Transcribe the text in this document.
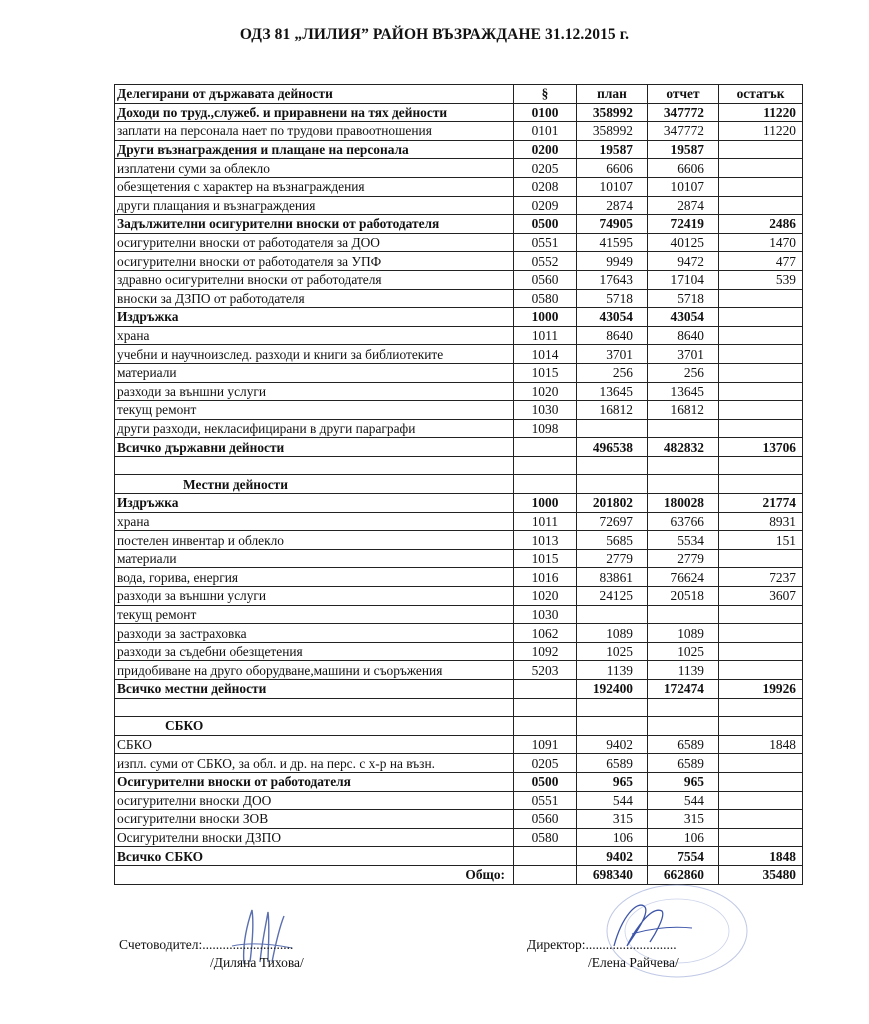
ОДЗ 81 „ЛИЛИЯ” РАЙОН ВЪЗРАЖДАНЕ 31.12.2015 г.
Делегирани от държавата дейности	§	план	отчет	остатък
Доходи по труд.,служеб. и приравнени на тях дейности	0100	358992	347772	11220
заплати на персонала нает по трудови правоотношения	0101	358992	347772	11220
Други възнаграждения и плащане на персонала	0200	19587	19587	
изплатени суми за облекло	0205	6606	6606	
обезщетения с характер на възнаграждения	0208	10107	10107	
други плащания и възнаграждения	0209	2874	2874	
Задължителни осигурителни вноски от работодателя	0500	74905	72419	2486
осигурителни вноски от работодателя за ДОО	0551	41595	40125	1470
осигурителни вноски от работодателя за УПФ	0552	9949	9472	477
здравно осигурителни вноски от работодателя	0560	17643	17104	539
вноски за ДЗПО от работодателя	0580	5718	5718	
Издръжка	1000	43054	43054	
храна	1011	8640	8640	
учебни и научноизслед. разходи и книги за библиотеките	1014	3701	3701	
материали	1015	256	256	
разходи за външни услуги	1020	13645	13645	
текущ ремонт	1030	16812	16812	
други разходи, некласифицирани в други параграфи	1098			
Всичко държавни дейности		496538	482832	13706

Местни дейности				
Издръжка	1000	201802	180028	21774
храна	1011	72697	63766	8931
постелен инвентар и облекло	1013	5685	5534	151
материали	1015	2779	2779	
вода, горива, енергия	1016	83861	76624	7237
разходи за външни услуги	1020	24125	20518	3607
текущ ремонт	1030			
разходи за застраховка	1062	1089	1089	
разходи за съдебни обезщетения	1092	1025	1025	
придобиване на друго оборудване,машини и съоръжения	5203	1139	1139	
Всичко местни дейности		192400	172474	19926

СБКО				
СБКО	1091	9402	6589	1848
изпл. суми от СБКО, за обл. и др. на перс. с х-р на възн.	0205	6589	6589	
Осигурителни вноски от работодателя	0500	965	965	
осигурителни вноски ДОО	0551	544	544	
осигурителни вноски ЗОВ	0560	315	315	
Осигурителни вноски ДЗПО	0580	106	106	
Всичко СБКО		9402	7554	1848
Общо:		698340	662860	35480
Счетоводител:...........................
/Диляна Тихова/
Директор:...........................
/Елена Райчева/
